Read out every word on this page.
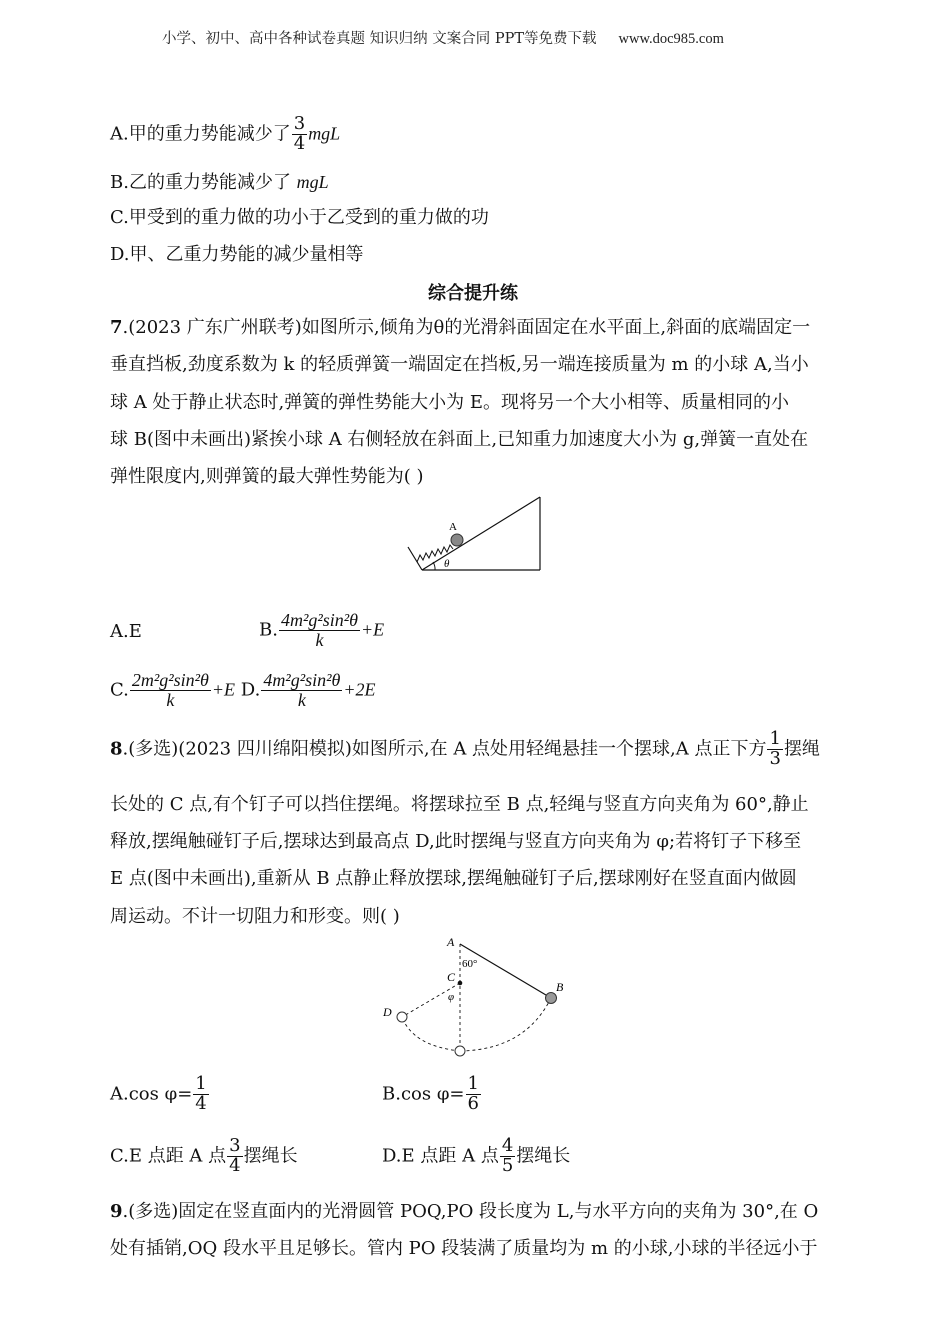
小学、初中、高中各种试卷真题 知识归纳 文案合同 PPT等免费下载 www.doc985.com
A.甲的重力势能减少了 $\frac{3}{4}$ mgL
B.乙的重力势能减少了 mgL
C.甲受到的重力做的功小于乙受到的重力做的功
D.甲、乙重力势能的减少量相等
综合提升练
7.(2023 广东广州联考)如图所示,倾角为θ的光滑斜面固定在水平面上,斜面的底端固定一
垂直挡板,劲度系数为 k 的轻质弹簧一端固定在挡板,另一端连接质量为 m 的小球 A,当小
球 A 处于静止状态时,弹簧的弹性势能大小为 E。现将另一个大小相等、质量相同的小
球 B(图中未画出)紧挨小球 A 右侧轻放在斜面上,已知重力加速度大小为 g,弹簧一直处在
弹性限度内,则弹簧的最大弹性势能为( )
A
θ
A.E	B. $\frac{\text{4m²g²sin²θ}}{k} +E$
C. $\frac{\text{2m²g²sin²θ}}{k} +E$ D. $\frac{\text{4m²g²sin²θ}}{k} +2E$
8.(多选)(2023 四川绵阳模拟)如图所示,在 A 点处用轻绳悬挂一个摆球,A 点正下方 $\frac{1}{3}$ 摆绳
长处的 C 点,有个钉子可以挡住摆绳。将摆球拉至 B 点,轻绳与竖直方向夹角为 60°,静止
释放,摆绳触碰钉子后,摆球达到最高点 D,此时摆绳与竖直方向夹角为 φ;若将钉子下移至
E 点(图中未画出),重新从 B 点静止释放摆球,摆绳触碰钉子后,摆球刚好在竖直面内做圆
周运动。不计一切阻力和形变。则( )
A
60°
C
φ
B
D
A.cos $\varphi= \frac{1}{4}$	B.cos $\varphi= \frac{1}{6}$
C.E 点距 A 点 $\frac{3}{4}$ 摆绳长	D.E 点距 A 点 $\frac{4}{5}$ 摆绳长
9.(多选)固定在竖直面内的光滑圆管 POQ,PO 段长度为 L,与水平方向的夹角为 30°,在 O
处有插销,OQ 段水平且足够长。管内 PO 段装满了质量均为 m 的小球,小球的半径远小于
